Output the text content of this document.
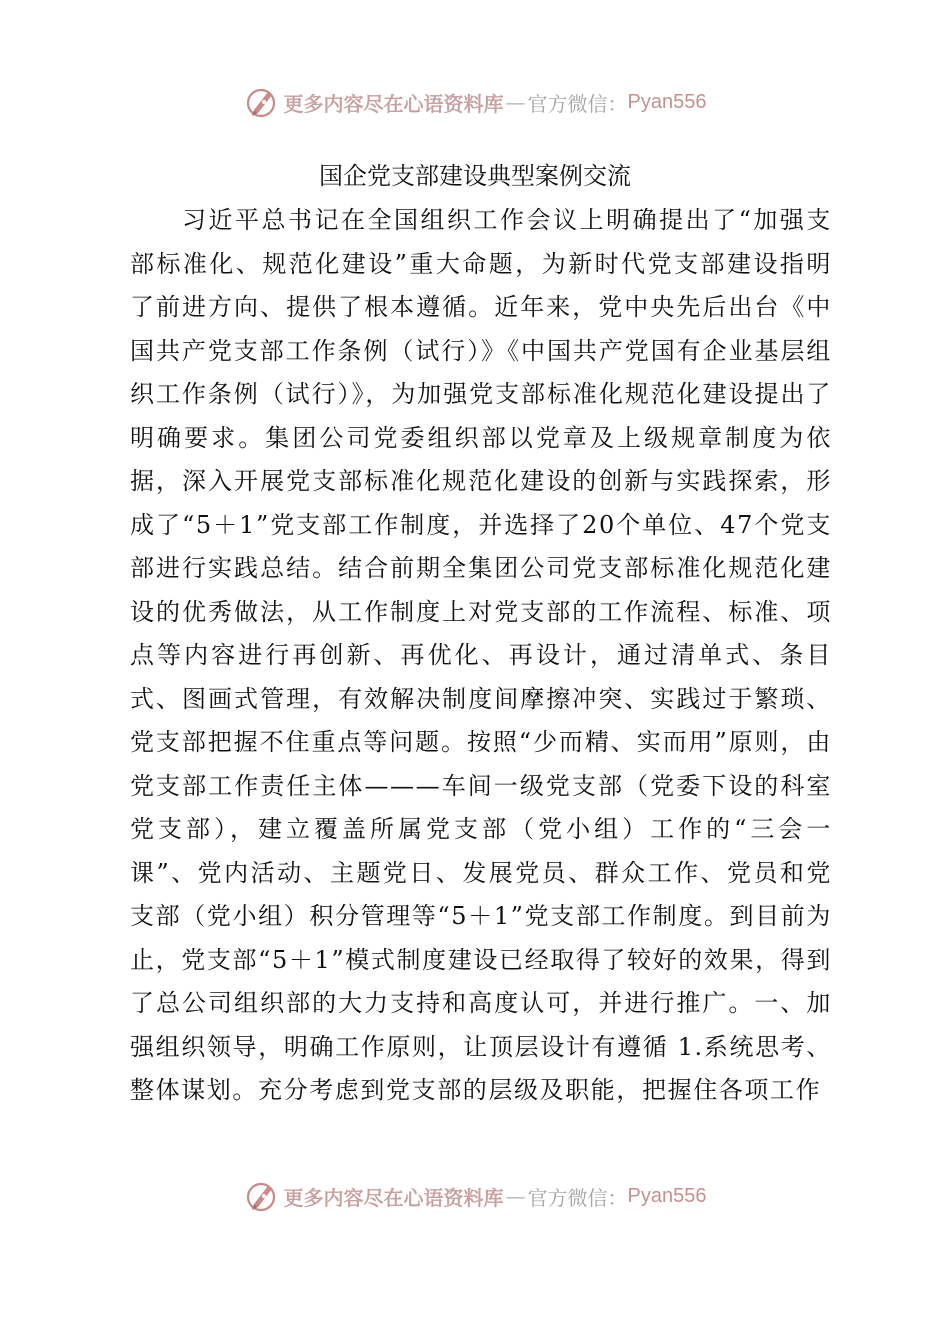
更多内容尽在心语资料库 — 官方微信： Pyan556
国企党支部建设典型案例交流

习近平总书记在全国组织工作会议上明确提出了“加强支部标准化、规范化建设”重大命题，为新时代党支部建设指明了前进方向、提供了根本遵循。近年来，党中央先后出台《中国共产党支部工作条例（试行）》《中国共产党国有企业基层组织工作条例（试行）》，为加强党支部标准化规范化建设提出了明确要求。集团公司党委组织部以党章及上级规章制度为依据，深入开展党支部标准化规范化建设的创新与实践探索，形成了“5＋1”党支部工作制度，并选择了20个单位、47个党支部进行实践总结。结合前期全集团公司党支部标准化规范化建设的优秀做法，从工作制度上对党支部的工作流程、标准、项点等内容进行再创新、再优化、再设计，通过清单式、条目式、图画式管理，有效解决制度间摩擦冲突、实践过于繁琐、党支部把握不住重点等问题。按照“少而精、实而用”原则，由党支部工作责任主体———车间一级党支部（党委下设的科室党支部），建立覆盖所属党支部（党小组）工作的“三会一课”、党内活动、主题党日、发展党员、群众工作、党员和党支部（党小组）积分管理等“5＋1”党支部工作制度。到目前为止，党支部“5＋1”模式制度建设已经取得了较好的效果，得到了总公司组织部的大力支持和高度认可，并进行推广。一、加强组织领导，明确工作原则，让顶层设计有遵循 1.系统思考、整体谋划。充分考虑到党支部的层级及职能，把握住各项工作

更多内容尽在心语资料库 — 官方微信： Pyan556
